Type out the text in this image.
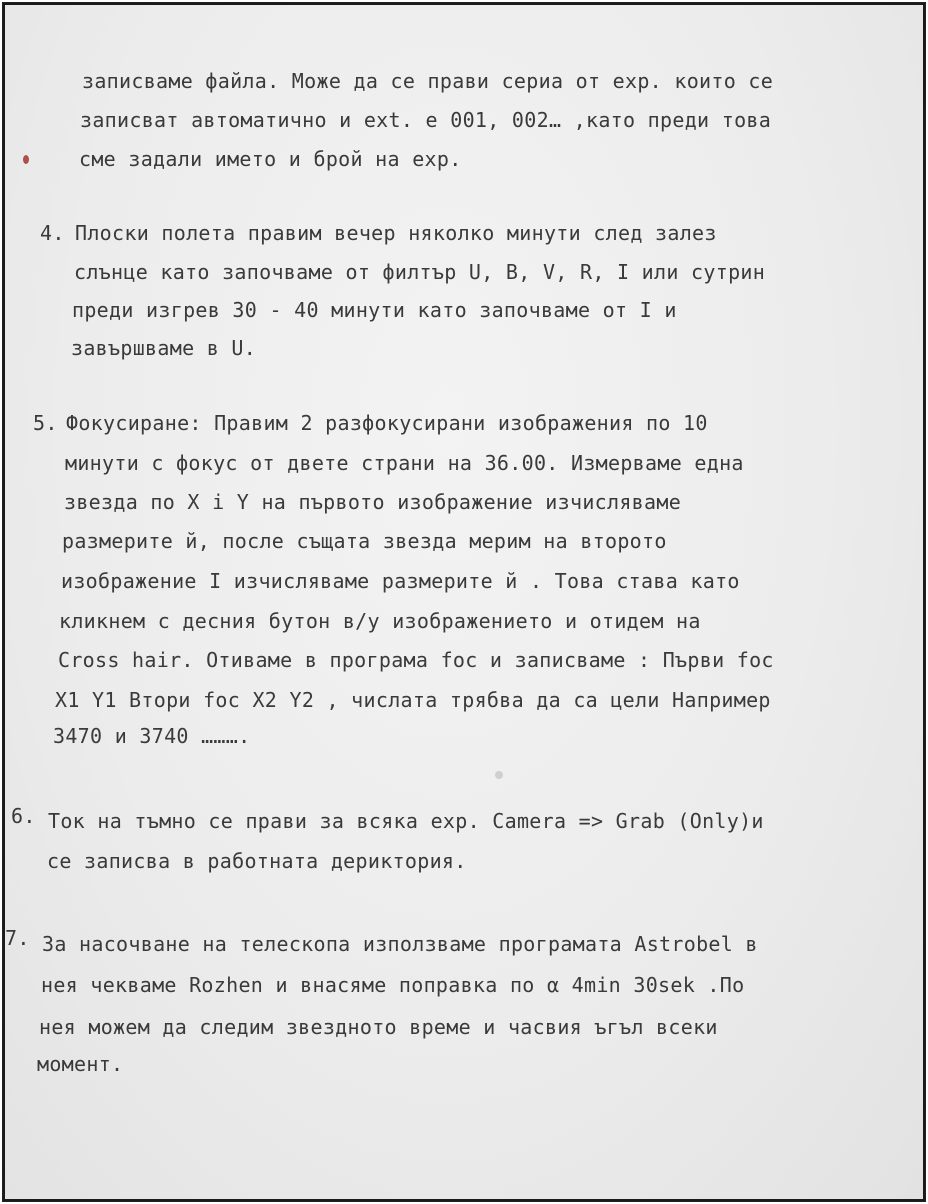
записваме файла. Може да се прави сериа от exp. които се
записват автоматично и ext. е 001, 002… ,като преди това
сме задали името и брой на exp.
4. Плоски полета правим вечер няколко минути след залез
слънце като започваме от филтър U, B, V, R, I или сутрин
преди изгрев 30 - 40 минути като започваме от I и
завършваме в U.
5. Фокусиране: Правим 2 разфокусирани изображения по 10
минути с фокус от двете страни на 36.00. Измерваме една
звезда по X i Y на първото изображение изчисляваме
размерите й, после същата звезда мерим на второто
изображение I изчисляваме размерите й . Това става като
кликнем с десния бутон в/у изображението и отидем на
Cross hair. Отиваме в програма foc и записваме : Първи foc
X1 Y1 Втори foc X2 Y2 , числата трябва да са цели Например
3470 и 3740 ……….
6. Ток на тъмно се прави за всяка exp. Camera => Grab (Only)и
се записва в работната дериктория.
7. За насочване на телескопа използваме програмата Astrobel в
нея чекваме Rozhen и внасяме поправка по α 4min 30sek .По
нея можем да следим звездното време и часвия ъгъл всеки
момент.
